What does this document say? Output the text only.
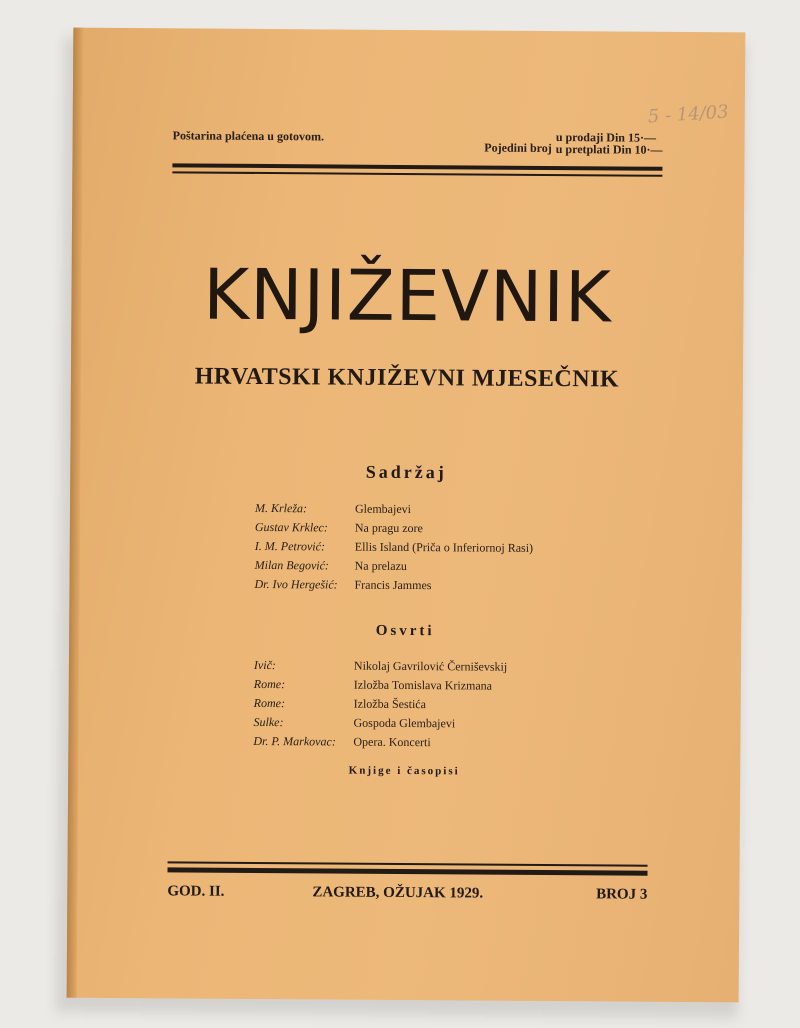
5 - 14/03
Poštarina plaćena u gotovom.
Pojedini broj
u prodaji Din 15·—
u pretplati Din 10·—
KNJIŽEVNIK
HRVATSKI KNJIŽEVNI MJESEČNIK
Sadržaj
M. Krleža:	Glembajevi
Gustav Krklec:	Na pragu zore
I. M. Petrović:	Ellis Island (Priča o Inferiornoj Rasi)
Milan Begović:	Na prelazu
Dr. Ivo Hergešić:	Francis Jammes
Osvrti
Ivič:	Nikolaj Gavrilović Černiševskij
Rome:	Izložba Tomislava Krizmana
Rome:	Izložba Šestića
Sulke:	Gospoda Glembajevi
Dr. P. Markovac:	Opera. Koncerti
Knjige i časopisi
GOD. II.	ZAGREB, OŽUJAK 1929.	BROJ 3
